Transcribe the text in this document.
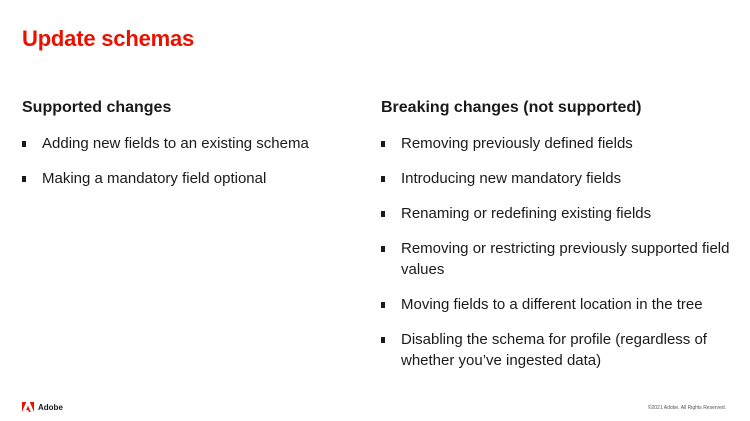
Update schemas
Supported changes
Adding new fields to an existing schema
Making a mandatory field optional
Breaking changes (not supported)
Removing previously defined fields
Introducing new mandatory fields
Renaming or redefining existing fields
Removing or restricting previously supported field values
Moving fields to a different location in the tree
Disabling the schema for profile (regardless of whether you’ve ingested data)
Adobe	©2021 Adobe. All Rights Reserved.
